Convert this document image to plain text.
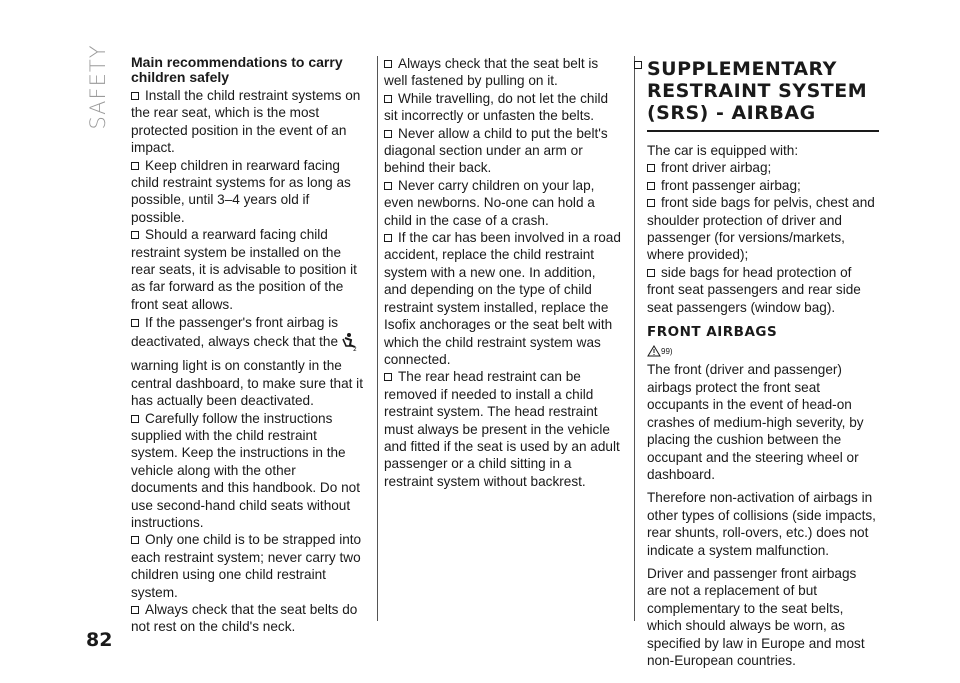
SAFETY Main recommendations to carry children safely

Install the child restraint systems on the rear seat, which is the most protected position in the event of an impact.

Keep children in rearward facing child restraint systems for as long as possible, until 3–4 years old if possible.

Should a rearward facing child restraint system be installed on the rear seats, it is advisable to position it as far forward as the position of the front seat allows.

If the passenger's front airbag is deactivated, always check that the
2

warning light is on constantly in the central dashboard, to make sure that it has actually been deactivated.

Carefully follow the instructions supplied with the child restraint system. Keep the instructions in the vehicle along with the other documents and this handbook. Do not use second-hand child seats without instructions.

Only one child is to be strapped into each restraint system; never carry two children using one child restraint system.

Always check that the seat belts do not rest on the child's neck.

Always check that the seat belt is well fastened by pulling on it.

While travelling, do not let the child sit incorrectly or unfasten the belts.

Never allow a child to put the belt's diagonal section under an arm or behind their back.

Never carry children on your lap, even newborns. No-one can hold a child in the case of a crash.

If the car has been involved in a road accident, replace the child restraint system with a new one. In addition, and depending on the type of child restraint system installed, replace the Isofix anchorages or the seat belt with which the child restraint system was connected.

The rear head restraint can be removed if needed to install a child restraint system. The head restraint must always be present in the vehicle and fitted if the seat is used by an adult passenger or a child sitting in a restraint system without backrest.

SUPPLEMENTARY RESTRAINT SYSTEM (SRS) - AIRBAG

The car is equipped with:

front driver airbag;

front passenger airbag;

front side bags for pelvis, chest and shoulder protection of driver and passenger (for versions/markets, where provided);

side bags for head protection of front seat passengers and rear side seat passengers (window bag).

FRONT AIRBAGS
99)

The front (driver and passenger) airbags protect the front seat occupants in the event of head-on crashes of medium-high severity, by placing the cushion between the occupant and the steering wheel or dashboard.

Therefore non-activation of airbags in other types of collisions (side impacts, rear shunts, roll-overs, etc.) does not indicate a system malfunction.

Driver and passenger front airbags are not a replacement of but complementary to the seat belts, which should always be worn, as specified by law in Europe and most non-European countries.

82
